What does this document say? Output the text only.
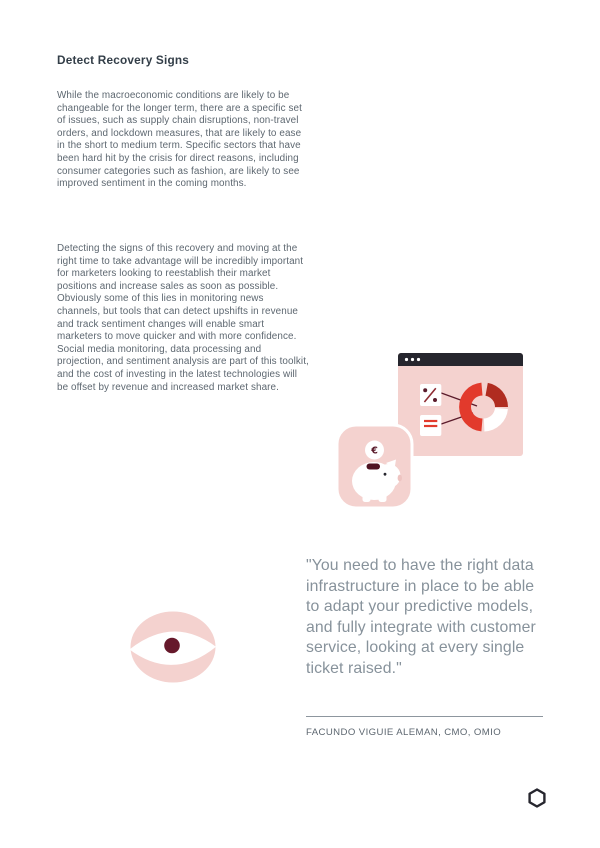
Detect Recovery Signs

While the macroeconomic conditions are likely to be changeable for the longer term, there are a specific set of issues, such as supply chain disruptions, non-travel orders, and lockdown measures, that are likely to ease in the short to medium term. Specific sectors that have been hard hit by the crisis for direct reasons, including consumer categories such as fashion, are likely to see improved sentiment in the coming months.

Detecting the signs of this recovery and moving at the right time to take advantage will be incredibly important for marketers looking to reestablish their market positions and increase sales as soon as possible. Obviously some of this lies in monitoring news channels, but tools that can detect upshifts in revenue and track sentiment changes will enable smart marketers to move quicker and with more confidence. Social media monitoring, data processing and projection, and sentiment analysis are part of this toolkit, and the cost of investing in the latest technologies will be offset by revenue and increased market share.

€

"You need to have the right data infrastructure in place to be able to adapt your predictive models, and fully integrate with customer service, looking at every single ticket raised."

FACUNDO VIGUIE ALEMAN, CMO, OMIO
